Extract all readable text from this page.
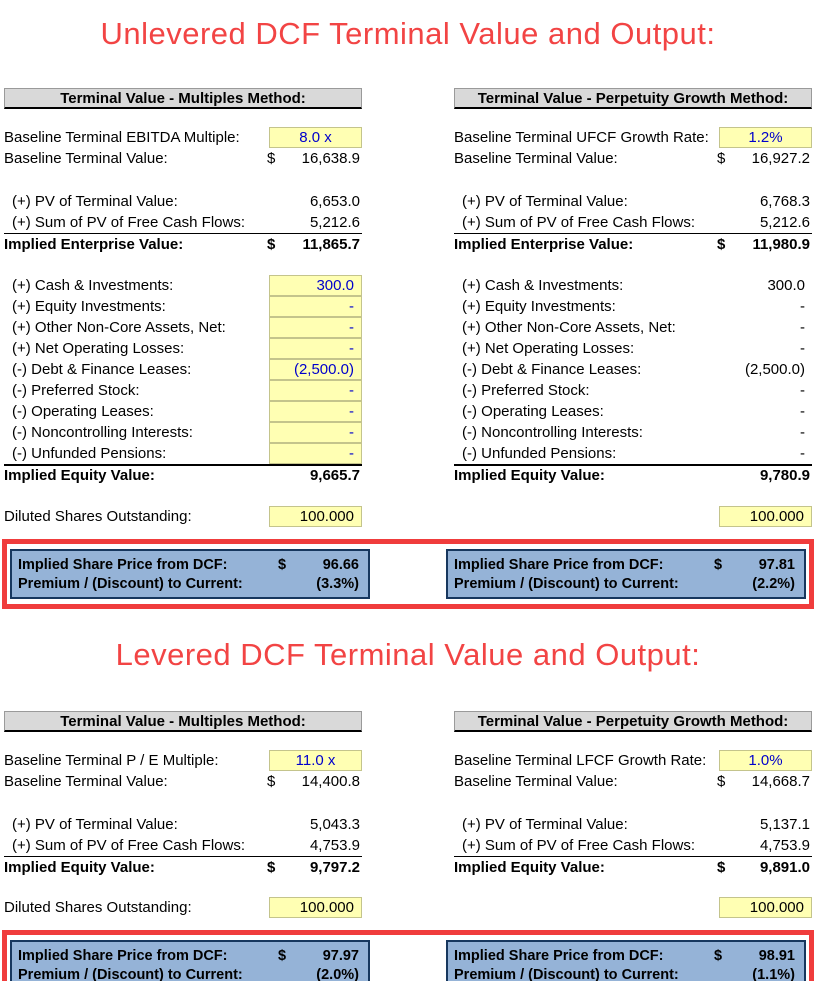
Unlevered DCF Terminal Value and Output:
Terminal Value - Multiples Method:
Baseline Terminal EBITDA Multiple:	8.0 x
Baseline Terminal Value:	$ 16,638.9
(+) PV of Terminal Value:	6,653.0
(+) Sum of PV of Free Cash Flows:	5,212.6
Implied Enterprise Value:	$ 11,865.7
(+) Cash & Investments:	300.0
(+) Equity Investments:	-
(+) Other Non-Core Assets, Net:	-
(+) Net Operating Losses:	-
(-) Debt & Finance Leases:	(2,500.0)
(-) Preferred Stock:	-
(-) Operating Leases:	-
(-) Noncontrolling Interests:	-
(-) Unfunded Pensions:	-
Implied Equity Value:	9,665.7
Diluted Shares Outstanding:	100.000
Terminal Value - Perpetuity Growth Method:
Baseline Terminal UFCF Growth Rate:	1.2%
Baseline Terminal Value:	$ 16,927.2
(+) PV of Terminal Value:	6,768.3
(+) Sum of PV of Free Cash Flows:	5,212.6
Implied Enterprise Value:	$ 11,980.9
(+) Cash & Investments:	300.0
(+) Equity Investments:	-
(+) Other Non-Core Assets, Net:	-
(+) Net Operating Losses:	-
(-) Debt & Finance Leases:	(2,500.0)
(-) Preferred Stock:	-
(-) Operating Leases:	-
(-) Noncontrolling Interests:	-
(-) Unfunded Pensions:	-
Implied Equity Value:	9,780.9
100.000
Implied Share Price from DCF:	$	96.66
Premium / (Discount) to Current:	(3.3%)
Implied Share Price from DCF:	$	97.81
Premium / (Discount) to Current:	(2.2%)
Levered DCF Terminal Value and Output:
Terminal Value - Multiples Method:
Baseline Terminal P / E Multiple:	11.0 x
Baseline Terminal Value:	$ 14,400.8
(+) PV of Terminal Value:	5,043.3
(+) Sum of PV of Free Cash Flows:	4,753.9
Implied Equity Value:	$ 9,797.2
Diluted Shares Outstanding:	100.000
Terminal Value - Perpetuity Growth Method:
Baseline Terminal LFCF Growth Rate:	1.0%
Baseline Terminal Value:	$ 14,668.7
(+) PV of Terminal Value:	5,137.1
(+) Sum of PV of Free Cash Flows:	4,753.9
Implied Equity Value:	$ 9,891.0
100.000
Implied Share Price from DCF:	$	97.97
Premium / (Discount) to Current:	(2.0%)
Implied Share Price from DCF:	$	98.91
Premium / (Discount) to Current:	(1.1%)
